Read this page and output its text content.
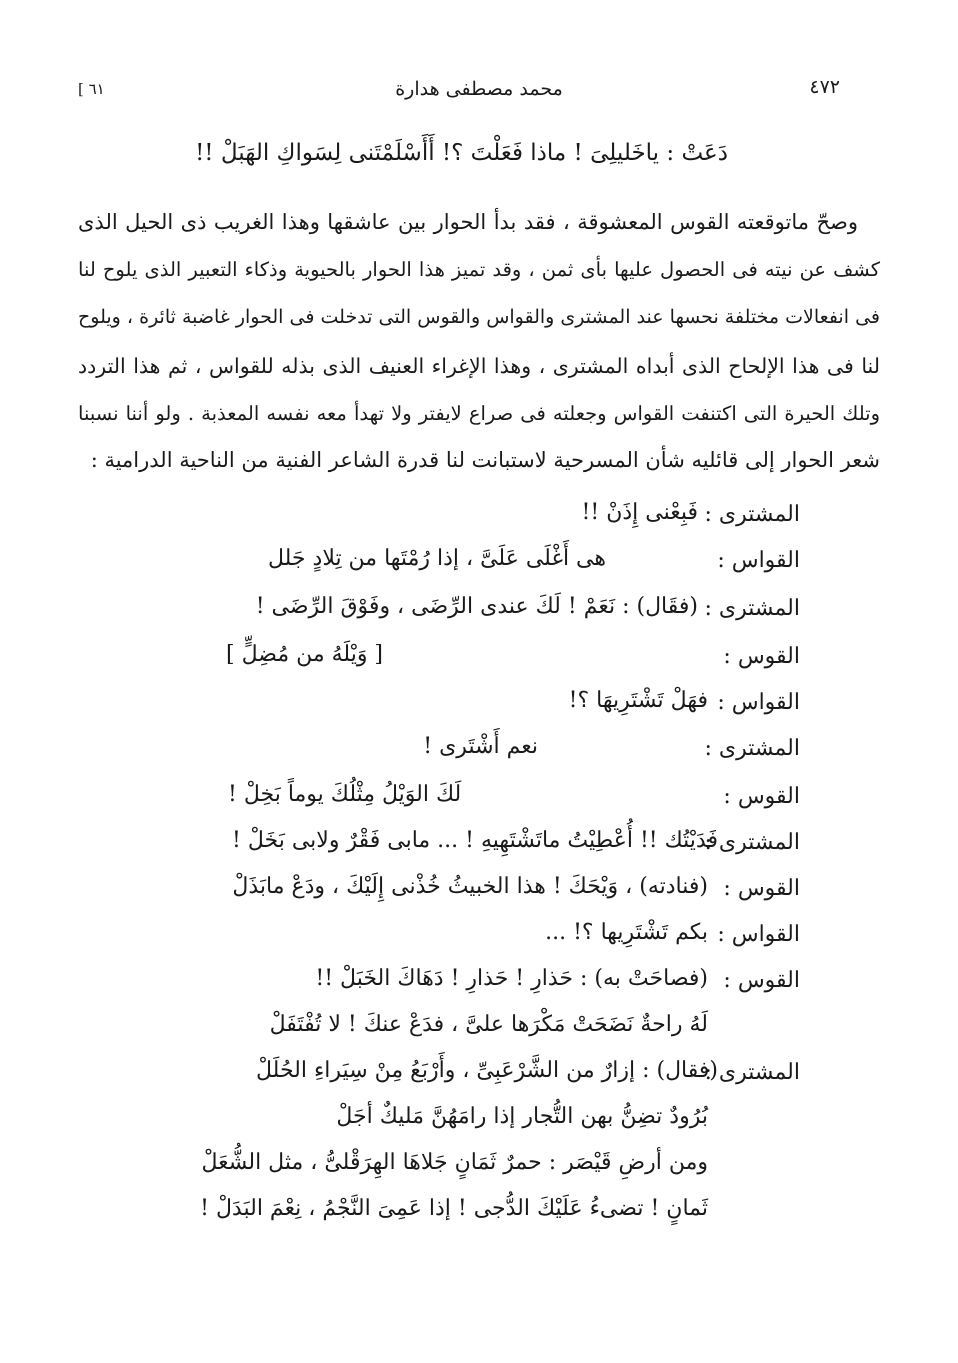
٤٧٢
محمد مصطفى هدارة
[ ٦١
دَعَتْ : ياخَليلِىَ ! ماذا فَعَلْتَ ؟! أَأَسْلَمْتَنى لِسَواكِ الهَبَلْ !!
وصحّ ماتوقعته القوس المعشوقة ، فقد بدأ الحوار بين عاشقها وهذا الغريب ذى الحيل الذى
كشف عن نيته فى الحصول عليها بأى ثمن ، وقد تميز هذا الحوار بالحيوية وذكاء التعبير الذى يلوح لنا
فى انفعالات مختلفة نحسها عند المشترى والقواس والقوس التى تدخلت فى الحوار غاضبة ثائرة ، ويلوح
لنا فى هذا الإلحاح الذى أبداه المشترى ، وهذا الإغراء العنيف الذى بذله للقواس ، ثم هذا التردد
وتلك الحيرة التى اكتنفت القواس وجعلته فى صراع لايفتر ولا تهدأ معه نفسه المعذبة . ولو أننا نسبنا
شعر الحوار إلى قائليه شأن المسرحية لاستبانت لنا قدرة الشاعر الفنية من الناحية الدرامية :
المشترى :
فَبِعْنى إِذَنْ !!
القواس :
هى أَغْلَى عَلَىَّ ، إذا رُمْتَها من تِلادٍ جَلل
المشترى :
(فقَال) : نَعَمْ ! لَكَ عندى الرِّضَى ، وفَوْقَ الرِّضَى !
القوس :
[ وَيْلَهُ من مُضِلٍّ ]
القواس :
فهَلْ تَشْتَرِيهَا ؟!
المشترى :
نعم أَشْتَرى !
القوس :
لَكَ الوَيْلُ مِثْلُكَ يوماً بَخِلْ !
المشترى :
فَدَيْتُك !! أُعْطِيْتُ ماتَشْتَهِيهِ ! ... مابى فَقْرٌ ولابى بَخَلْ !
القوس :
(فنادته) ، وَيْحَكَ ! هذا الخبيثُ خُذْنى إِلَيْكَ ، ودَعْ مابَذَلْ
القواس :
بكم تَشْتَرِيها ؟! ...
القوس :
(فصاحَتْ به) : حَذارِ ! حَذارِ ! دَهَاكَ الخَبَلْ !!
لَهُ راحةٌ نَضَحَتْ مَكْرَها علىَّ ، فدَعْ عنكَ ! لا تُفْتَفَلْ
المشترى :
(فقال) : إزارٌ من الشَّرْعَبِىِّ ، وأَرْبَعُ مِنْ سِيَراءِ الحُلَلْ
بُرُودٌ تضِنُّ بهن التُّجار إذا رامَهُنَّ مَليكٌ أجَلْ
ومن أرضِ قَيْصَر : حمرٌ ثَمَانٍ جَلاهَا الهِرَقْلىُّ ، مثل الشُّعَلْ
ثَمانٍ ! تضىءُ عَلَيْكَ الدُّجى ! إذا عَمِىَ النَّجْمُ ، نِعْمَ البَدَلْ !
